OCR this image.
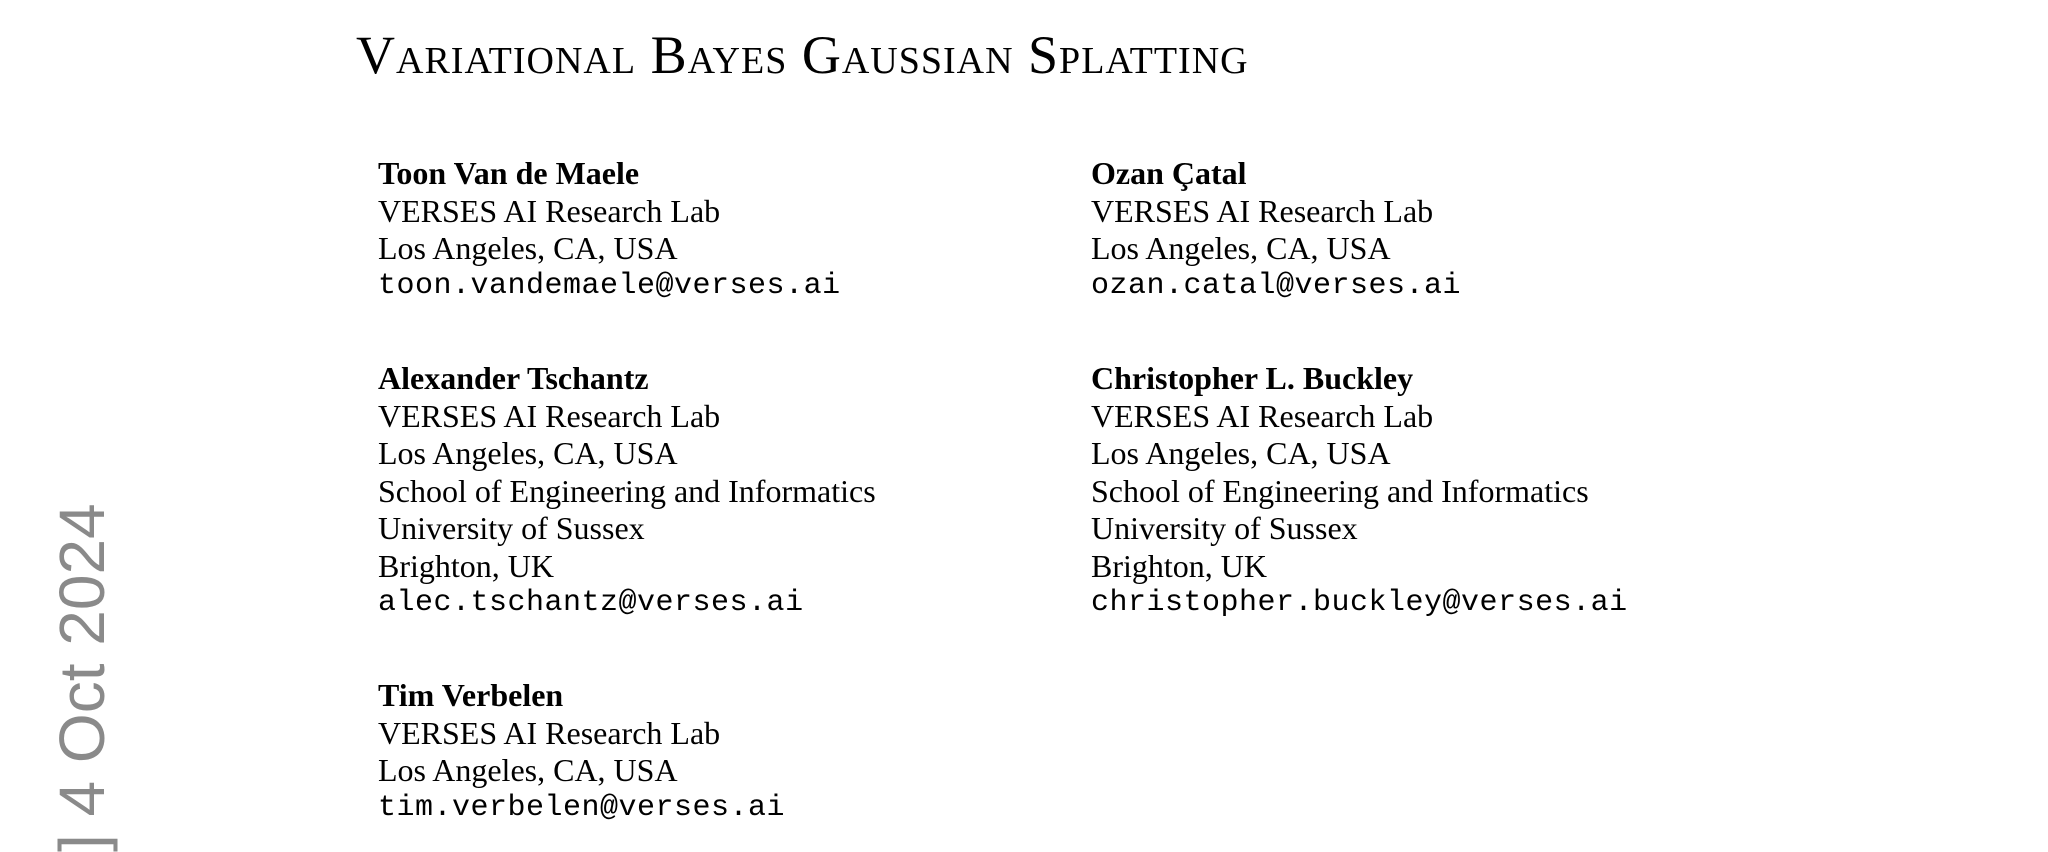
Variational Bayes Gaussian Splatting
Toon Van de Maele
VERSES AI Research Lab
Los Angeles, CA, USA
toon.vandemaele@verses.ai
Ozan Çatal
VERSES AI Research Lab
Los Angeles, CA, USA
ozan.catal@verses.ai
Alexander Tschantz
VERSES AI Research Lab
Los Angeles, CA, USA
School of Engineering and Informatics
University of Sussex
Brighton, UK
alec.tschantz@verses.ai
Christopher L. Buckley
VERSES AI Research Lab
Los Angeles, CA, USA
School of Engineering and Informatics
University of Sussex
Brighton, UK
christopher.buckley@verses.ai
Tim Verbelen
VERSES AI Research Lab
Los Angeles, CA, USA
tim.verbelen@verses.ai
] 4 Oct 2024
